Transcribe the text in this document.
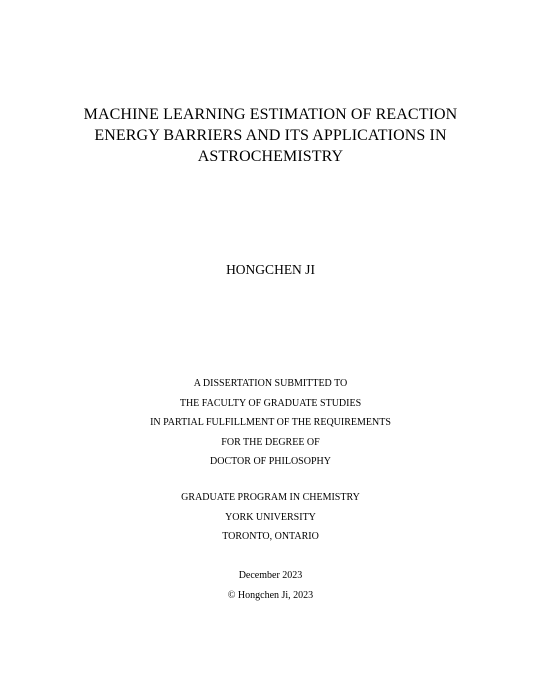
MACHINE LEARNING ESTIMATION OF REACTION
ENERGY BARRIERS AND ITS APPLICATIONS IN
ASTROCHEMISTRY
HONGCHEN JI
A DISSERTATION SUBMITTED TO
THE FACULTY OF GRADUATE STUDIES
IN PARTIAL FULFILLMENT OF THE REQUIREMENTS
FOR THE DEGREE OF
DOCTOR OF PHILOSOPHY
GRADUATE PROGRAM IN CHEMISTRY
YORK UNIVERSITY
TORONTO, ONTARIO
December 2023
© Hongchen Ji, 2023
